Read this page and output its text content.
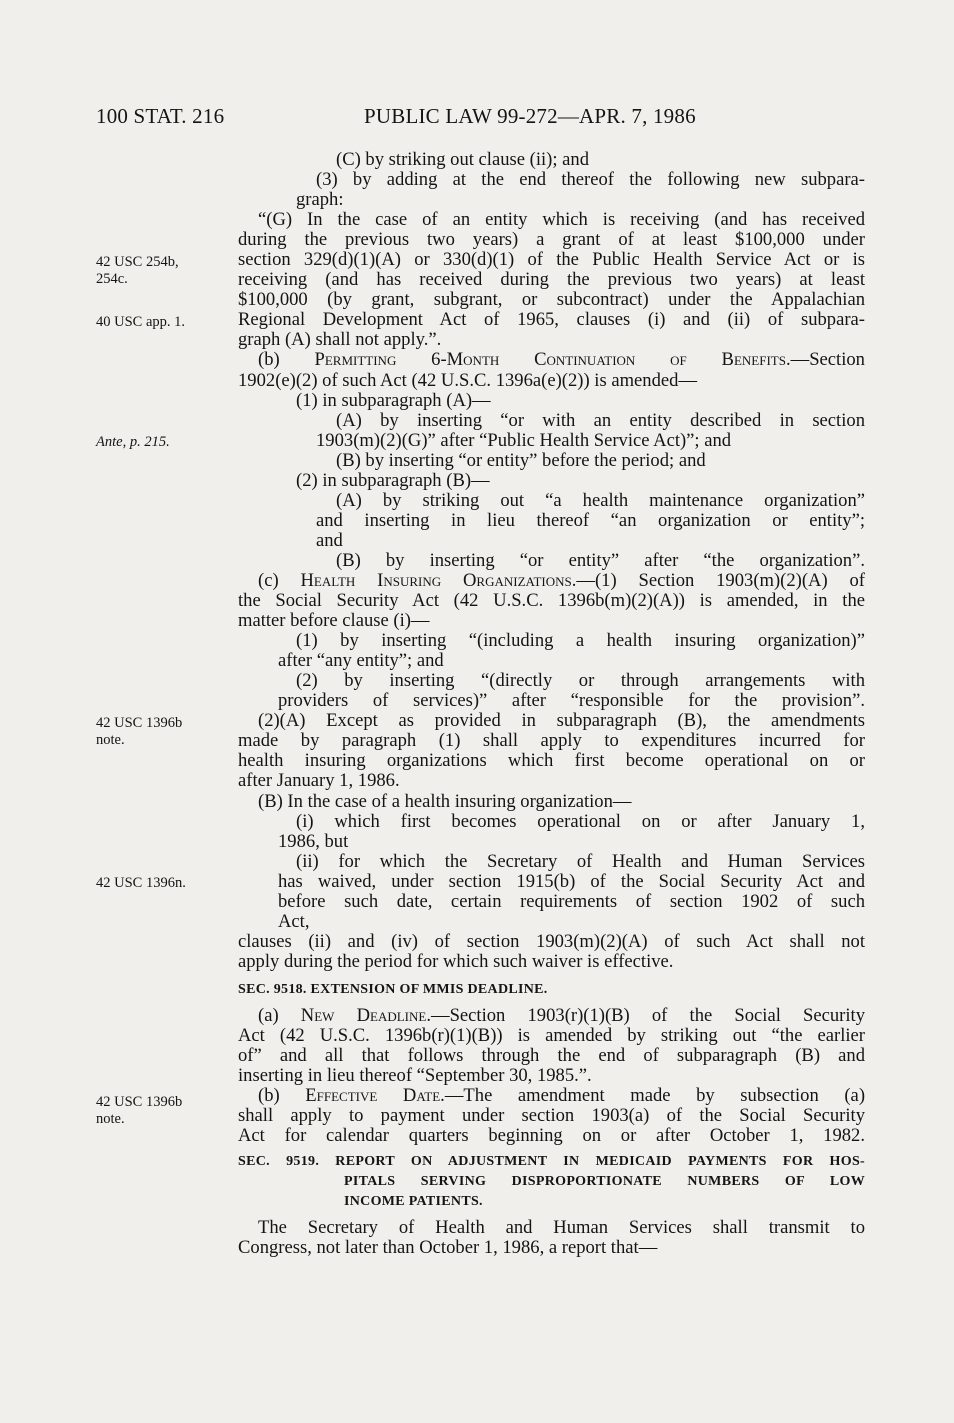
100 STAT. 216	PUBLIC LAW 99-272—APR. 7, 1986
42 USC 254b,
254c.
40 USC app. 1.
Ante, p. 215.
42 USC 1396b
note.
42 USC 1396n.
42 USC 1396b
note.
(C) by striking out clause (ii); and
(3) by adding at the end thereof the following new subpara-
graph:
“(G) In the case of an entity which is receiving (and has received
during the previous two years) a grant of at least $100,000 under
section 329(d)(1)(A) or 330(d)(1) of the Public Health Service Act or is
receiving (and has received during the previous two years) at least
$100,000 (by grant, subgrant, or subcontract) under the Appalachian
Regional Development Act of 1965, clauses (i) and (ii) of subpara-
graph (A) shall not apply.”.
(b) Permitting 6-Month Continuation of Benefits.—Section
1902(e)(2) of such Act (42 U.S.C. 1396a(e)(2)) is amended—
(1) in subparagraph (A)—
(A) by inserting “or with an entity described in section
1903(m)(2)(G)” after “Public Health Service Act)”; and
(B) by inserting “or entity” before the period; and
(2) in subparagraph (B)—
(A) by striking out “a health maintenance organization”
and inserting in lieu thereof “an organization or entity”;
and
(B) by inserting “or entity” after “the organization”.
(c) Health Insuring Organizations.—(1) Section 1903(m)(2)(A) of
the Social Security Act (42 U.S.C. 1396b(m)(2)(A)) is amended, in the
matter before clause (i)—
(1) by inserting “(including a health insuring organization)”
after “any entity”; and
(2) by inserting “(directly or through arrangements with
providers of services)” after “responsible for the provision”.
(2)(A) Except as provided in subparagraph (B), the amendments
made by paragraph (1) shall apply to expenditures incurred for
health insuring organizations which first become operational on or
after January 1, 1986.
(B) In the case of a health insuring organization—
(i) which first becomes operational on or after January 1,
1986, but
(ii) for which the Secretary of Health and Human Services
has waived, under section 1915(b) of the Social Security Act and
before such date, certain requirements of section 1902 of such
Act,
clauses (ii) and (iv) of section 1903(m)(2)(A) of such Act shall not
apply during the period for which such waiver is effective.
SEC. 9518. EXTENSION OF MMIS DEADLINE.
(a) New Deadline.—Section 1903(r)(1)(B) of the Social Security
Act (42 U.S.C. 1396b(r)(1)(B)) is amended by striking out “the earlier
of” and all that follows through the end of subparagraph (B) and
inserting in lieu thereof “September 30, 1985.”.
(b) Effective Date.—The amendment made by subsection (a)
shall apply to payment under section 1903(a) of the Social Security
Act for calendar quarters beginning on or after October 1, 1982.
SEC. 9519. REPORT ON ADJUSTMENT IN MEDICAID PAYMENTS FOR HOS-
PITALS SERVING DISPROPORTIONATE NUMBERS OF LOW
INCOME PATIENTS.
The Secretary of Health and Human Services shall transmit to
Congress, not later than October 1, 1986, a report that—
